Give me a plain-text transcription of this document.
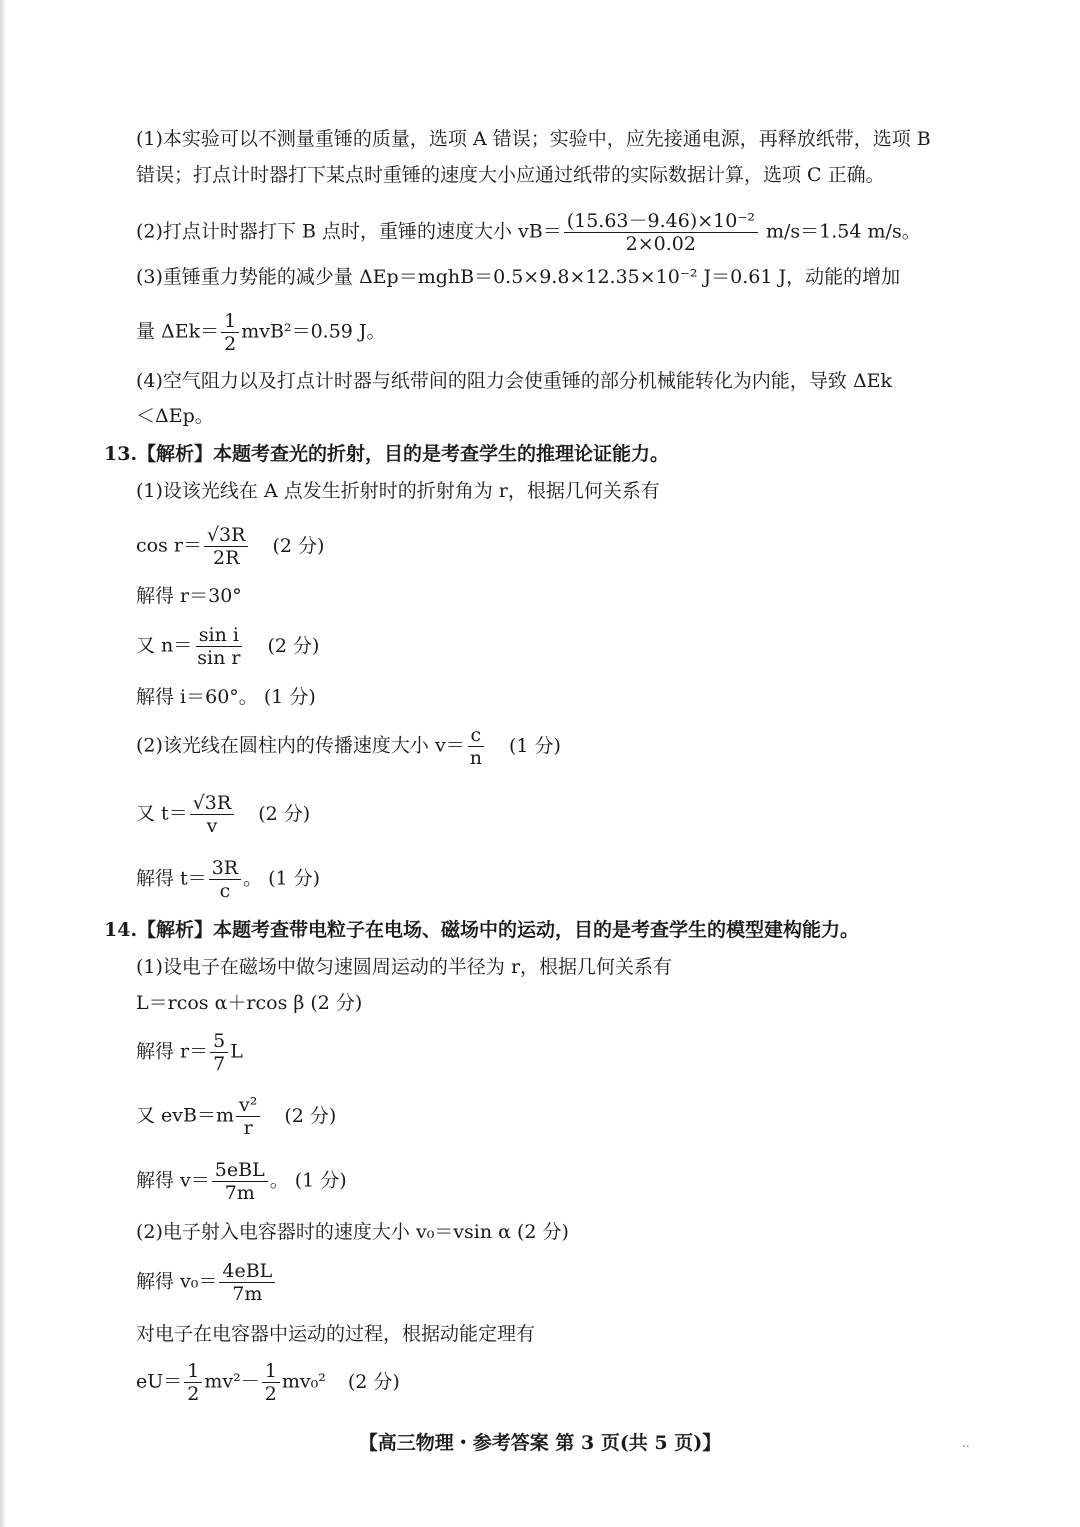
(1)本实验可以不测量重锤的质量，选项 A 错误；实验中，应先接通电源，再释放纸带，选项 B
错误；打点计时器打下某点时重锤的速度大小应通过纸带的实际数据计算，选项 C 正确。
(2)打点计时器打下 B 点时，重锤的速度大小 $vB= \frac{\text{(15.63－9.46)×10⁻²}}{2\times 0.02} m/s=1.54$ m/s。
(3)重锤重力势能的减少量 ΔEp＝mghB＝0.5×9.8×12.35×10⁻² J＝0.61 J，动能的增加
量 $\Delta Ek= \frac{1}{2} mvB^2=0.59$ J。
(4)空气阻力以及打点计时器与纸带间的阻力会使重锤的部分机械能转化为内能，导致 ΔEk
＜ΔEp。
13.【解析】本题考查光的折射，目的是考查学生的推理论证能力。
(1)设该光线在 A 点发生折射时的折射角为 r，根据几何关系有
$\cos r= \frac{√3R}{2R} (2$ 分)
解得 r＝30°
又 $n= \frac{\text{sin i}}{\text{sin r}} (2$ 分)
解得 i＝60°。 (1 分)
(2)该光线在圆柱内的传播速度大小 $v= \frac{c}{n} (1$ 分)
又 $t= \frac{√3R}{v} (2$ 分)
解得 $t= \frac{3R}{c}$ 。 (1 分)
14.【解析】本题考查带电粒子在电场、磁场中的运动，目的是考查学生的模型建构能力。
(1)设电子在磁场中做匀速圆周运动的半径为 r，根据几何关系有
L＝rcos α＋rcos β (2 分)
解得 $r= \frac{5}{7}$ L
又 $evB=m \frac{\text{v²}}{r} (2$ 分)
解得 $v= \frac{\text{5eBL}}{7m}$ 。 (1 分)
(2)电子射入电容器时的速度大小 v₀＝vsin α (2 分)
解得 $v_0= \frac{\text{4eBL}}{7m}$
对电子在电容器中运动的过程，根据动能定理有
$eU= \frac{1}{2} mv^2- \frac{1}{2} mv_0^2$ (2 分)
【高三物理・参考答案 第 3 页(共 5 页)】	..
